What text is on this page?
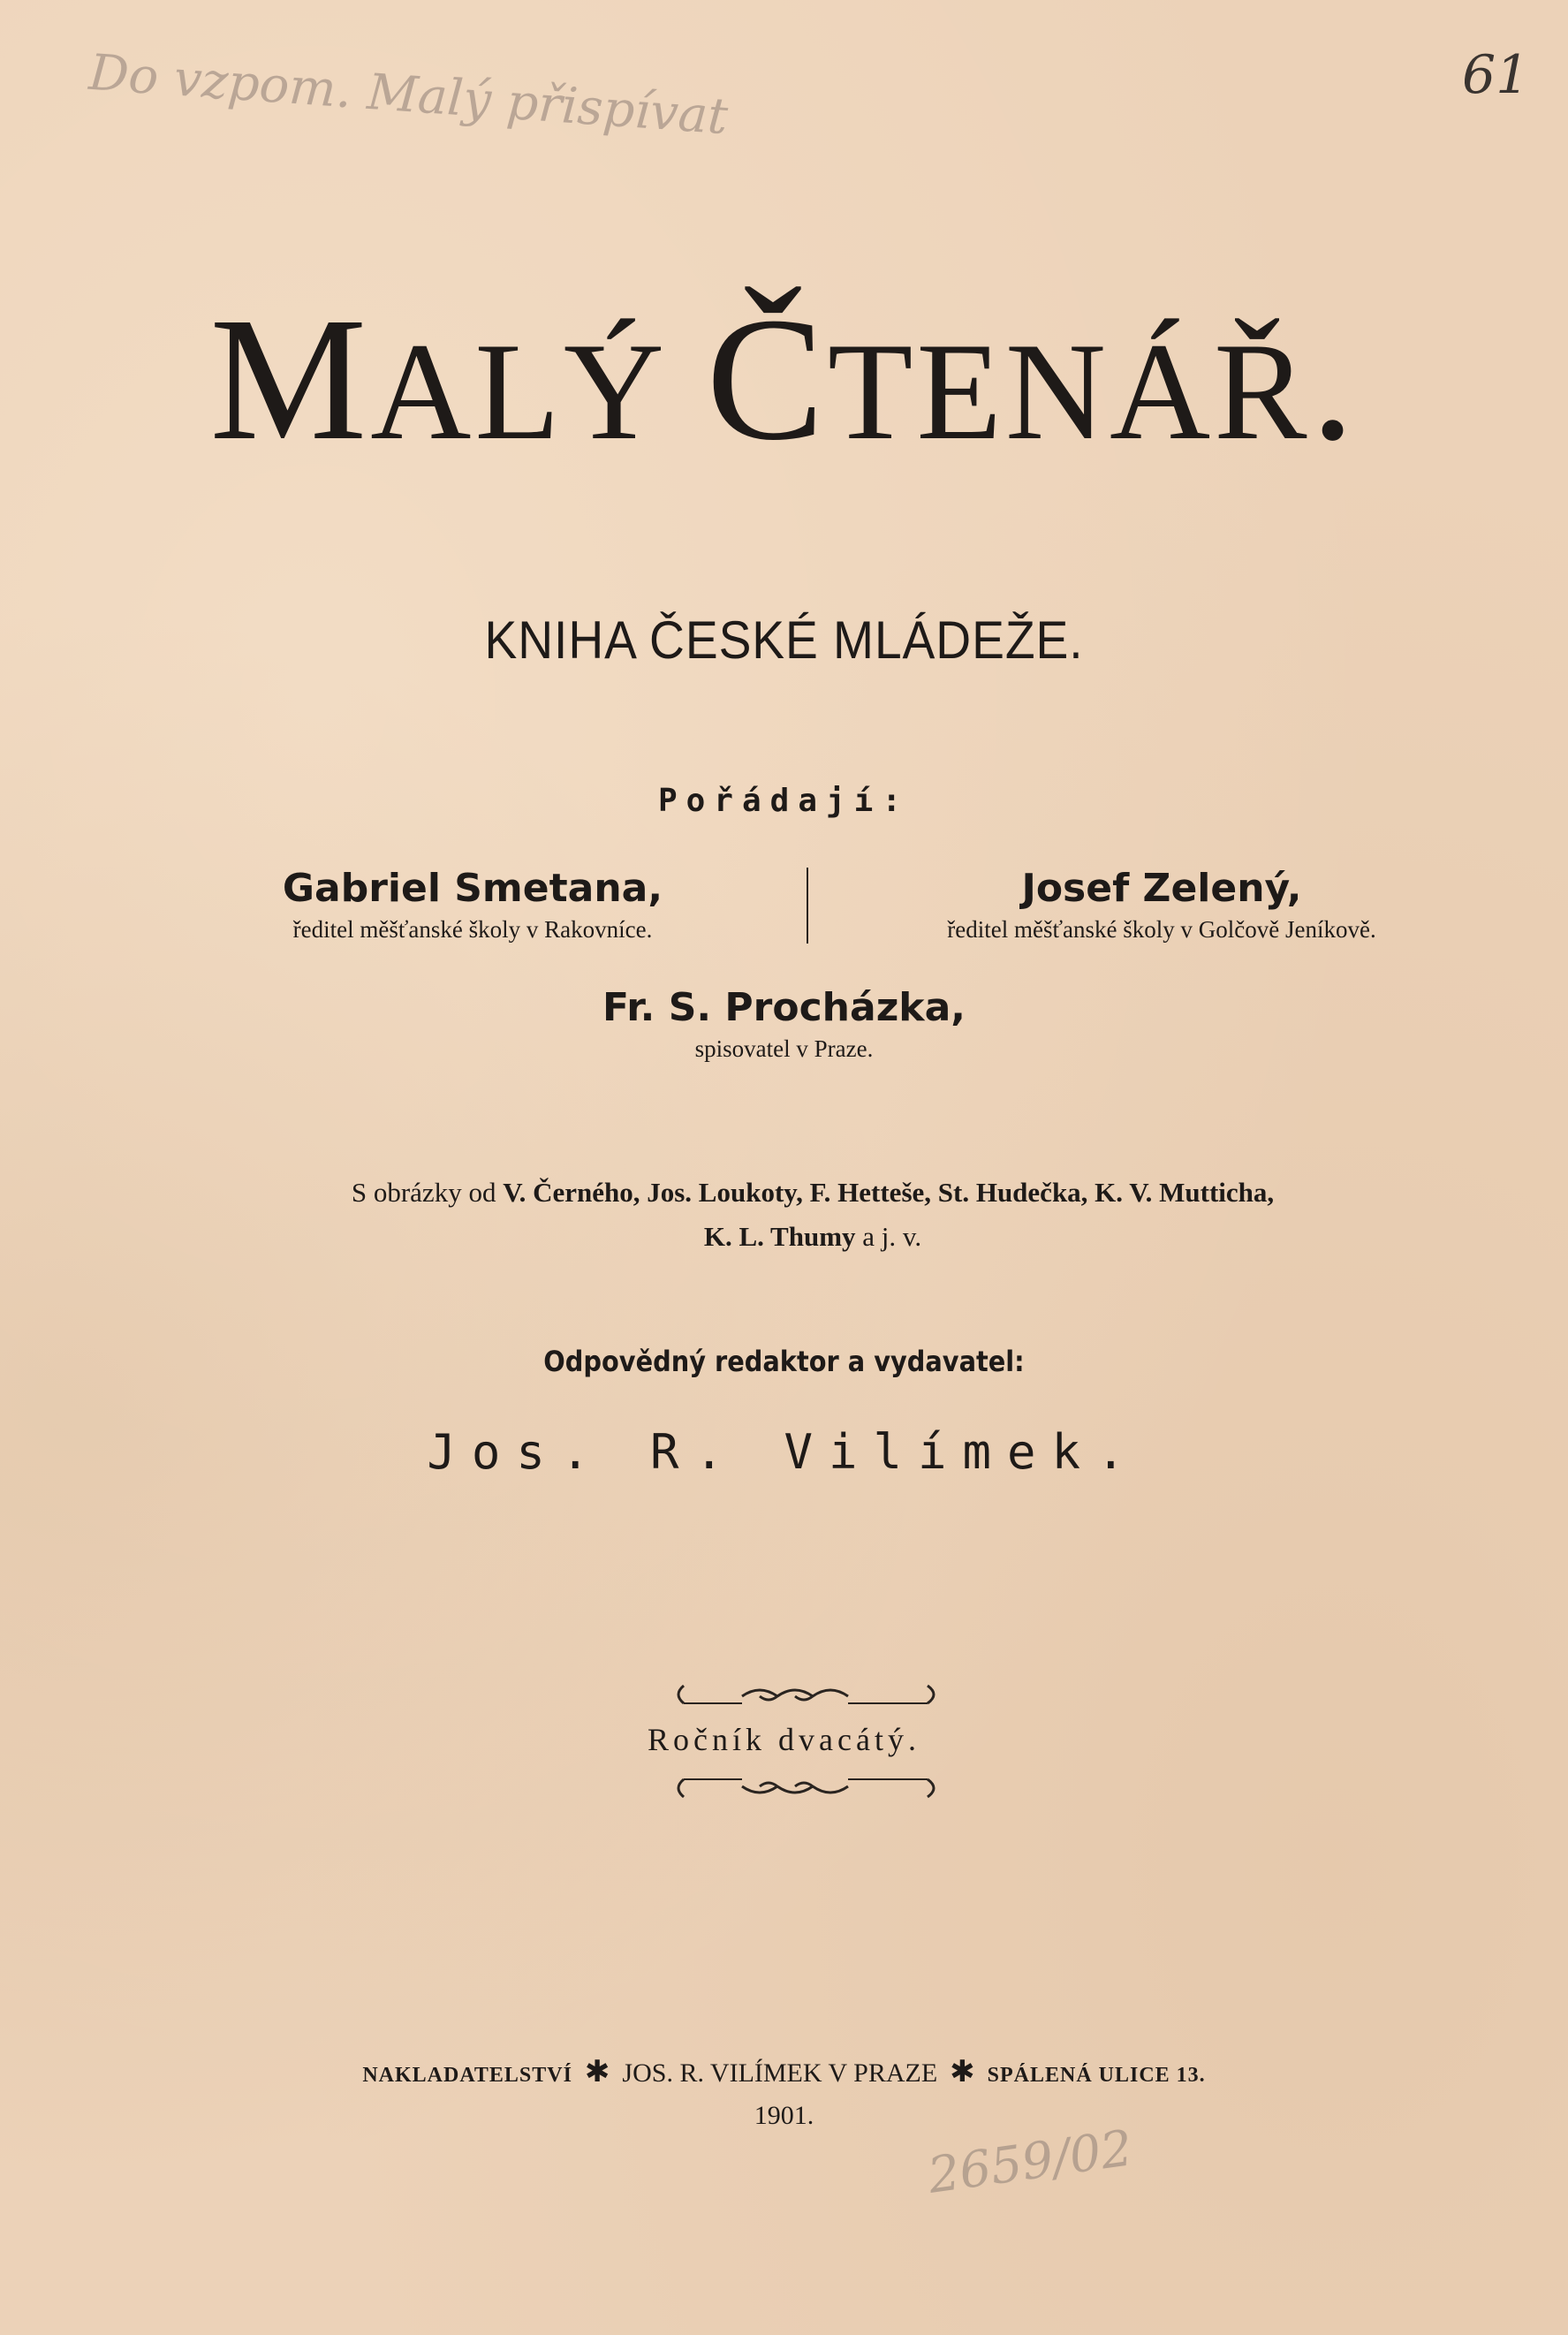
Do vzpom. Malý přispívat	61
MALÝ ČTENÁŘ.
KNIHA ČESKÉ MLÁDEŽE.
Pořádají:
Gabriel Smetana,
ředitel měšťanské školy v Rakovníce.
Josef Zelený,
ředitel měšťanské školy v Golčově Jeníkově.
Fr. S. Procházka,
spisovatel v Praze.
S obrázky od V. Černého, Jos. Loukoty, F. Hetteše, St. Hudečka, K. V. Mutticha,
K. L. Thumy a j. v.
Odpovědný redaktor a vydavatel:
Jos. R. Vilímek.
Ročník dvacátý.
NAKLADATELSTVÍ ✱ JOS. R. VILÍMEK V PRAZE ✱ SPÁLENÁ ULICE 13.
1901.
2659/02
